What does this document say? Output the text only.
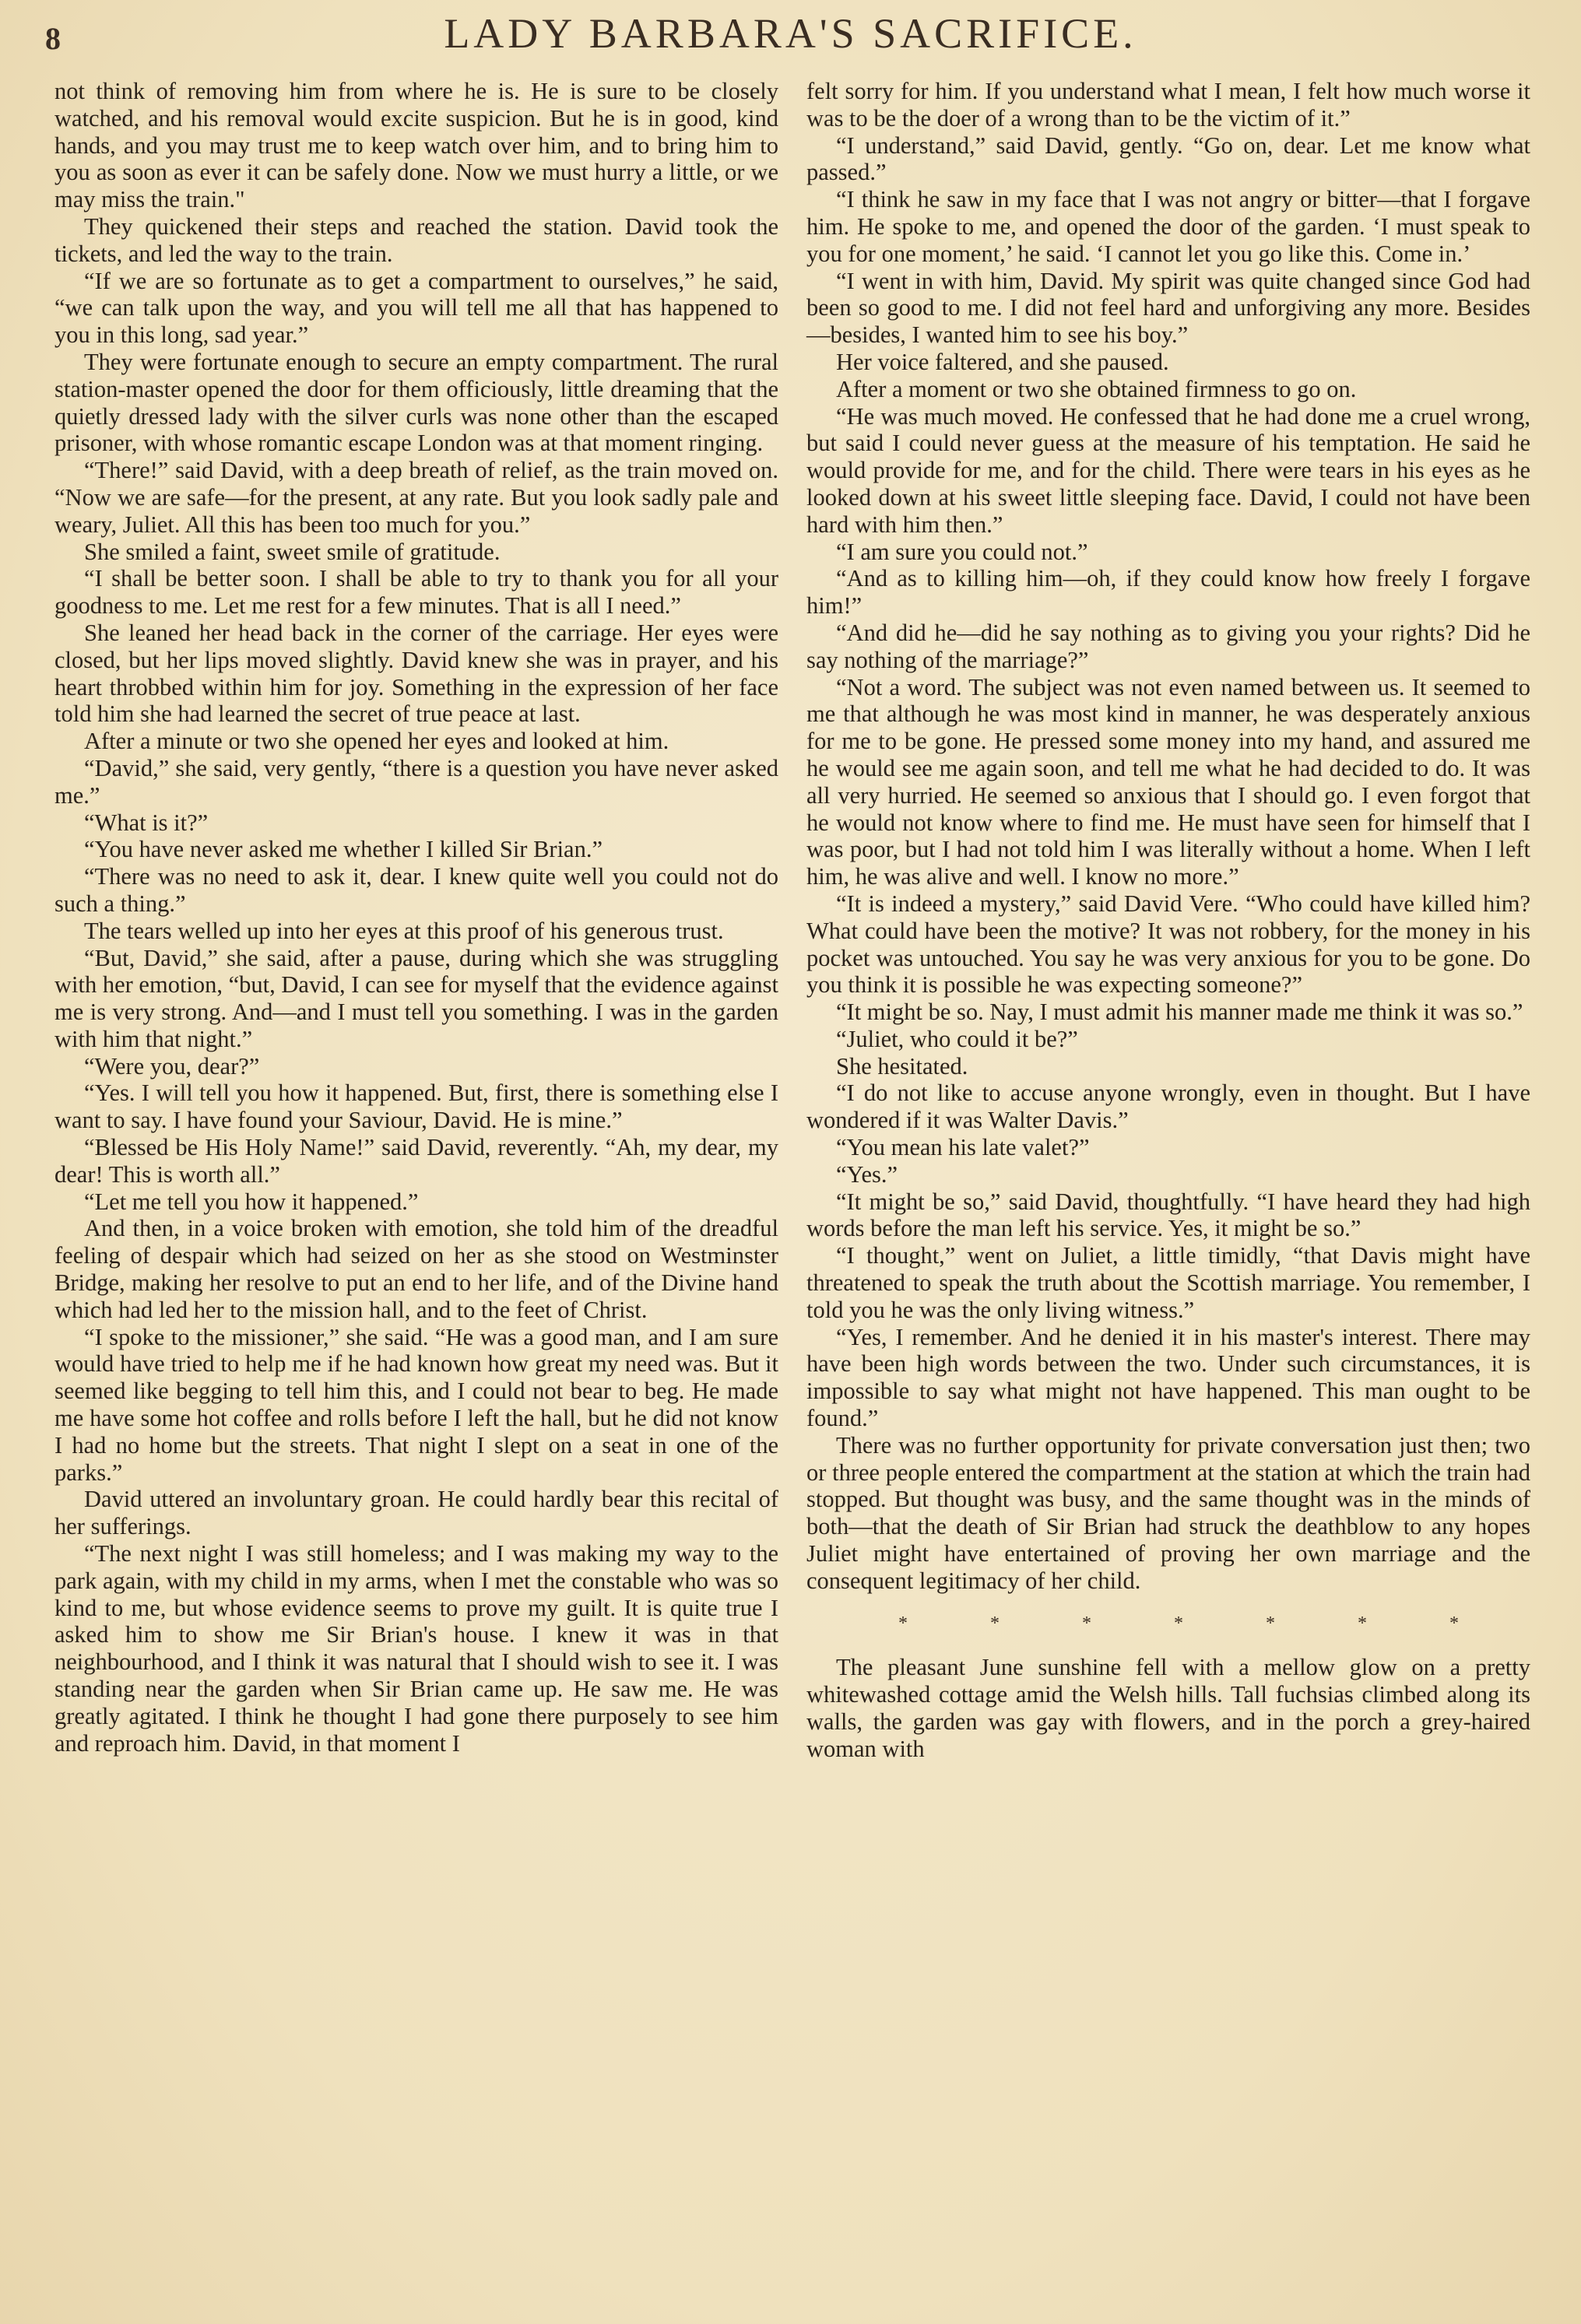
8	LADY BARBARA'S SACRIFICE.

not think of removing him from where he is. He is sure to be closely watched, and his removal would excite suspicion. But he is in good, kind hands, and you may trust me to keep watch over him, and to bring him to you as soon as ever it can be safely done. Now we must hurry a little, or we may miss the train."

They quickened their steps and reached the station. David took the tickets, and led the way to the train.

“If we are so fortunate as to get a compartment to ourselves,” he said, “we can talk upon the way, and you will tell me all that has happened to you in this long, sad year.”

They were fortunate enough to secure an empty compartment. The rural station-master opened the door for them officiously, little dreaming that the quietly dressed lady with the silver curls was none other than the escaped prisoner, with whose romantic escape London was at that moment ringing.

“There!” said David, with a deep breath of relief, as the train moved on. “Now we are safe—for the present, at any rate. But you look sadly pale and weary, Juliet. All this has been too much for you.”

She smiled a faint, sweet smile of gratitude.

“I shall be better soon. I shall be able to try to thank you for all your goodness to me. Let me rest for a few minutes. That is all I need.”

She leaned her head back in the corner of the carriage. Her eyes were closed, but her lips moved slightly. David knew she was in prayer, and his heart throbbed within him for joy. Something in the expression of her face told him she had learned the secret of true peace at last.

After a minute or two she opened her eyes and looked at him.

“David,” she said, very gently, “there is a question you have never asked me.”

“What is it?”

“You have never asked me whether I killed Sir Brian.”

“There was no need to ask it, dear. I knew quite well you could not do such a thing.”

The tears welled up into her eyes at this proof of his generous trust.

“But, David,” she said, after a pause, during which she was struggling with her emotion, “but, David, I can see for myself that the evidence against me is very strong. And—and I must tell you something. I was in the garden with him that night.”

“Were you, dear?”

“Yes. I will tell you how it happened. But, first, there is something else I want to say. I have found your Saviour, David. He is mine.”

“Blessed be His Holy Name!” said David, reverently. “Ah, my dear, my dear! This is worth all.”

“Let me tell you how it happened.”

And then, in a voice broken with emotion, she told him of the dreadful feeling of despair which had seized on her as she stood on Westminster Bridge, making her resolve to put an end to her life, and of the Divine hand which had led her to the mission hall, and to the feet of Christ.

“I spoke to the missioner,” she said. “He was a good man, and I am sure would have tried to help me if he had known how great my need was. But it seemed like begging to tell him this, and I could not bear to beg. He made me have some hot coffee and rolls before I left the hall, but he did not know I had no home but the streets. That night I slept on a seat in one of the parks.”

David uttered an involuntary groan. He could hardly bear this recital of her sufferings.

“The next night I was still homeless; and I was making my way to the park again, with my child in my arms, when I met the constable who was so kind to me, but whose evidence seems to prove my guilt. It is quite true I asked him to show me Sir Brian's house. I knew it was in that neighbourhood, and I think it was natural that I should wish to see it. I was standing near the garden when Sir Brian came up. He saw me. He was greatly agitated. I think he thought I had gone there purposely to see him and reproach him. David, in that moment I

felt sorry for him. If you understand what I mean, I felt how much worse it was to be the doer of a wrong than to be the victim of it.”

“I understand,” said David, gently. “Go on, dear. Let me know what passed.”

“I think he saw in my face that I was not angry or bitter—that I forgave him. He spoke to me, and opened the door of the garden. ‘I must speak to you for one moment,’ he said. ‘I cannot let you go like this. Come in.’

“I went in with him, David. My spirit was quite changed since God had been so good to me. I did not feel hard and unforgiving any more. Besides—besides, I wanted him to see his boy.”

Her voice faltered, and she paused.

After a moment or two she obtained firmness to go on.

“He was much moved. He confessed that he had done me a cruel wrong, but said I could never guess at the measure of his temptation. He said he would provide for me, and for the child. There were tears in his eyes as he looked down at his sweet little sleeping face. David, I could not have been hard with him then.”

“I am sure you could not.”

“And as to killing him—oh, if they could know how freely I forgave him!”

“And did he—did he say nothing as to giving you your rights? Did he say nothing of the marriage?”

“Not a word. The subject was not even named between us. It seemed to me that although he was most kind in manner, he was desperately anxious for me to be gone. He pressed some money into my hand, and assured me he would see me again soon, and tell me what he had decided to do. It was all very hurried. He seemed so anxious that I should go. I even forgot that he would not know where to find me. He must have seen for himself that I was poor, but I had not told him I was literally without a home. When I left him, he was alive and well. I know no more.”

“It is indeed a mystery,” said David Vere. “Who could have killed him? What could have been the motive? It was not robbery, for the money in his pocket was untouched. You say he was very anxious for you to be gone. Do you think it is possible he was expecting someone?”

“It might be so. Nay, I must admit his manner made me think it was so.”

“Juliet, who could it be?”

She hesitated.

“I do not like to accuse anyone wrongly, even in thought. But I have wondered if it was Walter Davis.”

“You mean his late valet?”

“Yes.”

“It might be so,” said David, thoughtfully. “I have heard they had high words before the man left his service. Yes, it might be so.”

“I thought,” went on Juliet, a little timidly, “that Davis might have threatened to speak the truth about the Scottish marriage. You remember, I told you he was the only living witness.”

“Yes, I remember. And he denied it in his master's interest. There may have been high words between the two. Under such circumstances, it is impossible to say what might not have happened. This man ought to be found.”

There was no further opportunity for private conversation just then; two or three people entered the compartment at the station at which the train had stopped. But thought was busy, and the same thought was in the minds of both—that the death of Sir Brian had struck the deathblow to any hopes Juliet might have entertained of proving her own marriage and the consequent legitimacy of her child.

*	*	*	*	*	*	*

The pleasant June sunshine fell with a mellow glow on a pretty whitewashed cottage amid the Welsh hills. Tall fuchsias climbed along its walls, the garden was gay with flowers, and in the porch a grey-haired woman with
